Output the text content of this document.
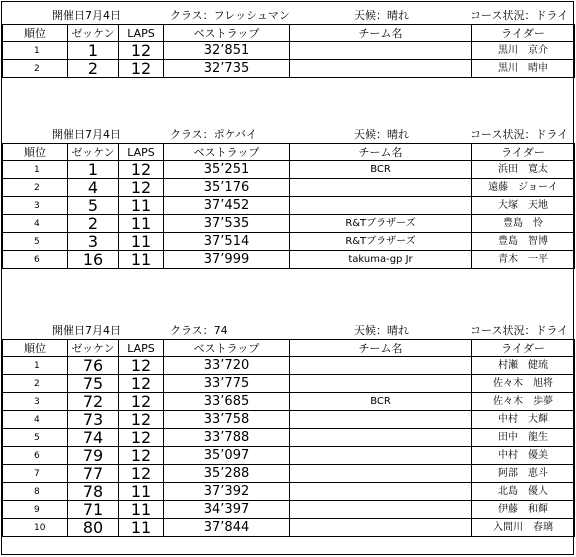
開催日7月4日	クラス：フレッシュマン	天候：晴れ	コース状況：ドライ
順位	ゼッケン	LAPS	ベストラップ	チーム名	ライダー
1	1	12	32’851		黒川　京介
2	2	12	32’735		黒川　晴申
開催日7月4日	クラス：ポケバイ	天候：晴れ	コース状況：ドライ
順位	ゼッケン	LAPS	ベストラップ	チーム名	ライダー
1	1	12	35’251	BCR	浜田　寛太
2	4	12	35’176		遠藤　ジョーイ
3	5	11	37’452		大塚　天地
4	2	11	37’535	R&Tブラザーズ	豊島　怜
5	3	11	37’514	R&Tブラザーズ	豊島　智博
6	16	11	37’999	takuma-gp Jr	青木　一平
開催日7月4日	クラス：74	天候：晴れ	コース状況：ドライ
順位	ゼッケン	LAPS	ベストラップ	チーム名	ライダー
1	76	12	33’720		村瀬　健琉
2	75	12	33’775		佐々木　旭将
3	72	12	33’685	BCR	佐々木　歩夢
4	73	12	33’758		中村　大輝
5	74	12	33’788		田中　龍生
6	79	12	35’097		中村　優美
7	77	12	35’288		阿部　恵斗
8	78	11	37’392		北島　優人
9	71	11	34’397		伊藤　和輝
10	80	11	37’844		入間川　春璃
